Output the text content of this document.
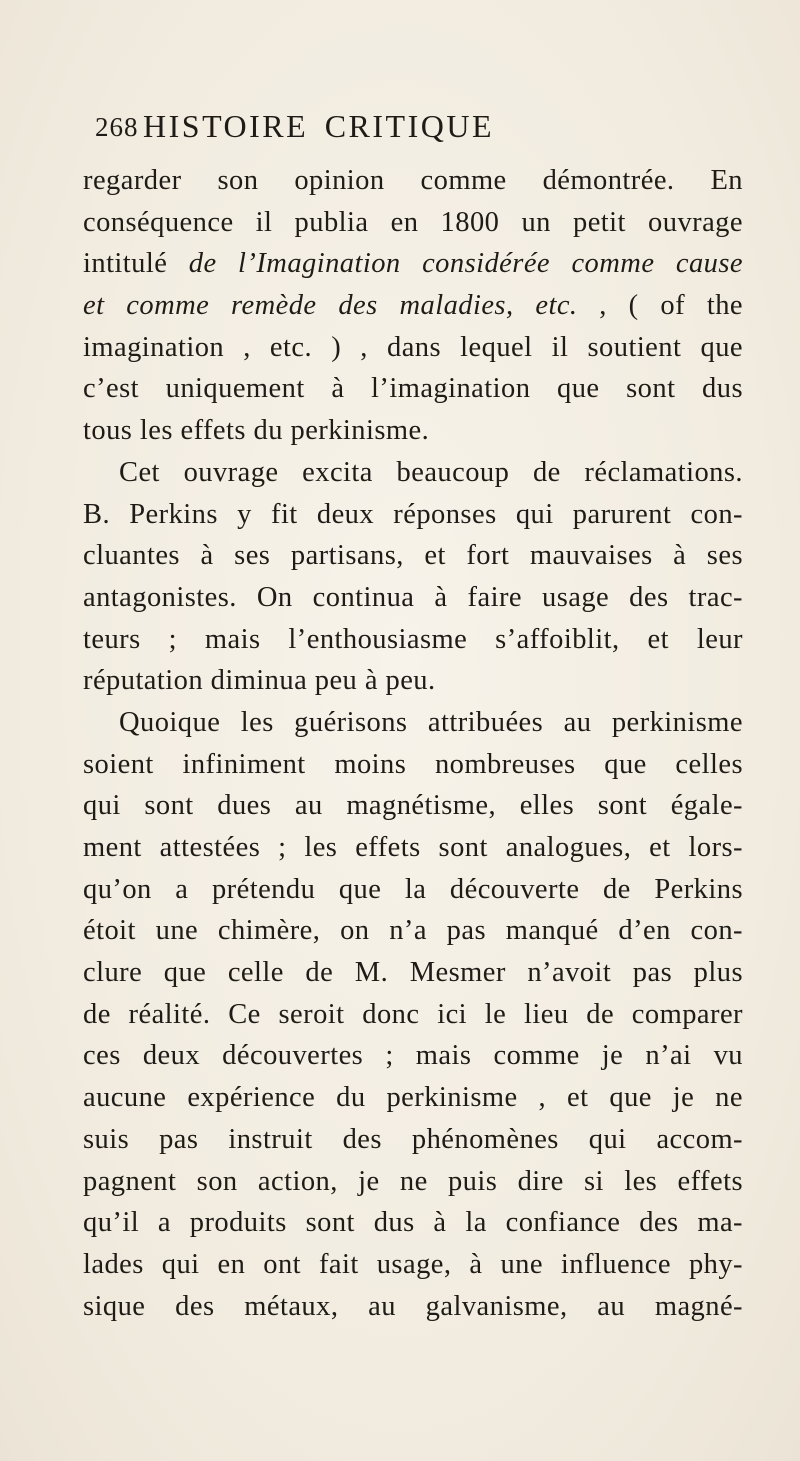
268 HISTOIRE CRITIQUE
regarder son opinion comme démontrée. En
conséquence il publia en 1800 un petit ouvrage
intitulé de l’Imagination considérée comme cause
et comme remède des maladies, etc. , ( of the
imagination , etc. ) , dans lequel il soutient que
c’est uniquement à l’imagination que sont dus
tous les effets du perkinisme.
Cet ouvrage excita beaucoup de réclamations.
B. Perkins y fit deux réponses qui parurent con-
cluantes à ses partisans, et fort mauvaises à ses
antagonistes. On continua à faire usage des trac-
teurs ; mais l’enthousiasme s’affoiblit, et leur
réputation diminua peu à peu.
Quoique les guérisons attribuées au perkinisme
soient infiniment moins nombreuses que celles
qui sont dues au magnétisme, elles sont égale-
ment attestées ; les effets sont analogues, et lors-
qu’on a prétendu que la découverte de Perkins
étoit une chimère, on n’a pas manqué d’en con-
clure que celle de M. Mesmer n’avoit pas plus
de réalité. Ce seroit donc ici le lieu de comparer
ces deux découvertes ; mais comme je n’ai vu
aucune expérience du perkinisme , et que je ne
suis pas instruit des phénomènes qui accom-
pagnent son action, je ne puis dire si les effets
qu’il a produits sont dus à la confiance des ma-
lades qui en ont fait usage, à une influence phy-
sique des métaux, au galvanisme, au magné-
